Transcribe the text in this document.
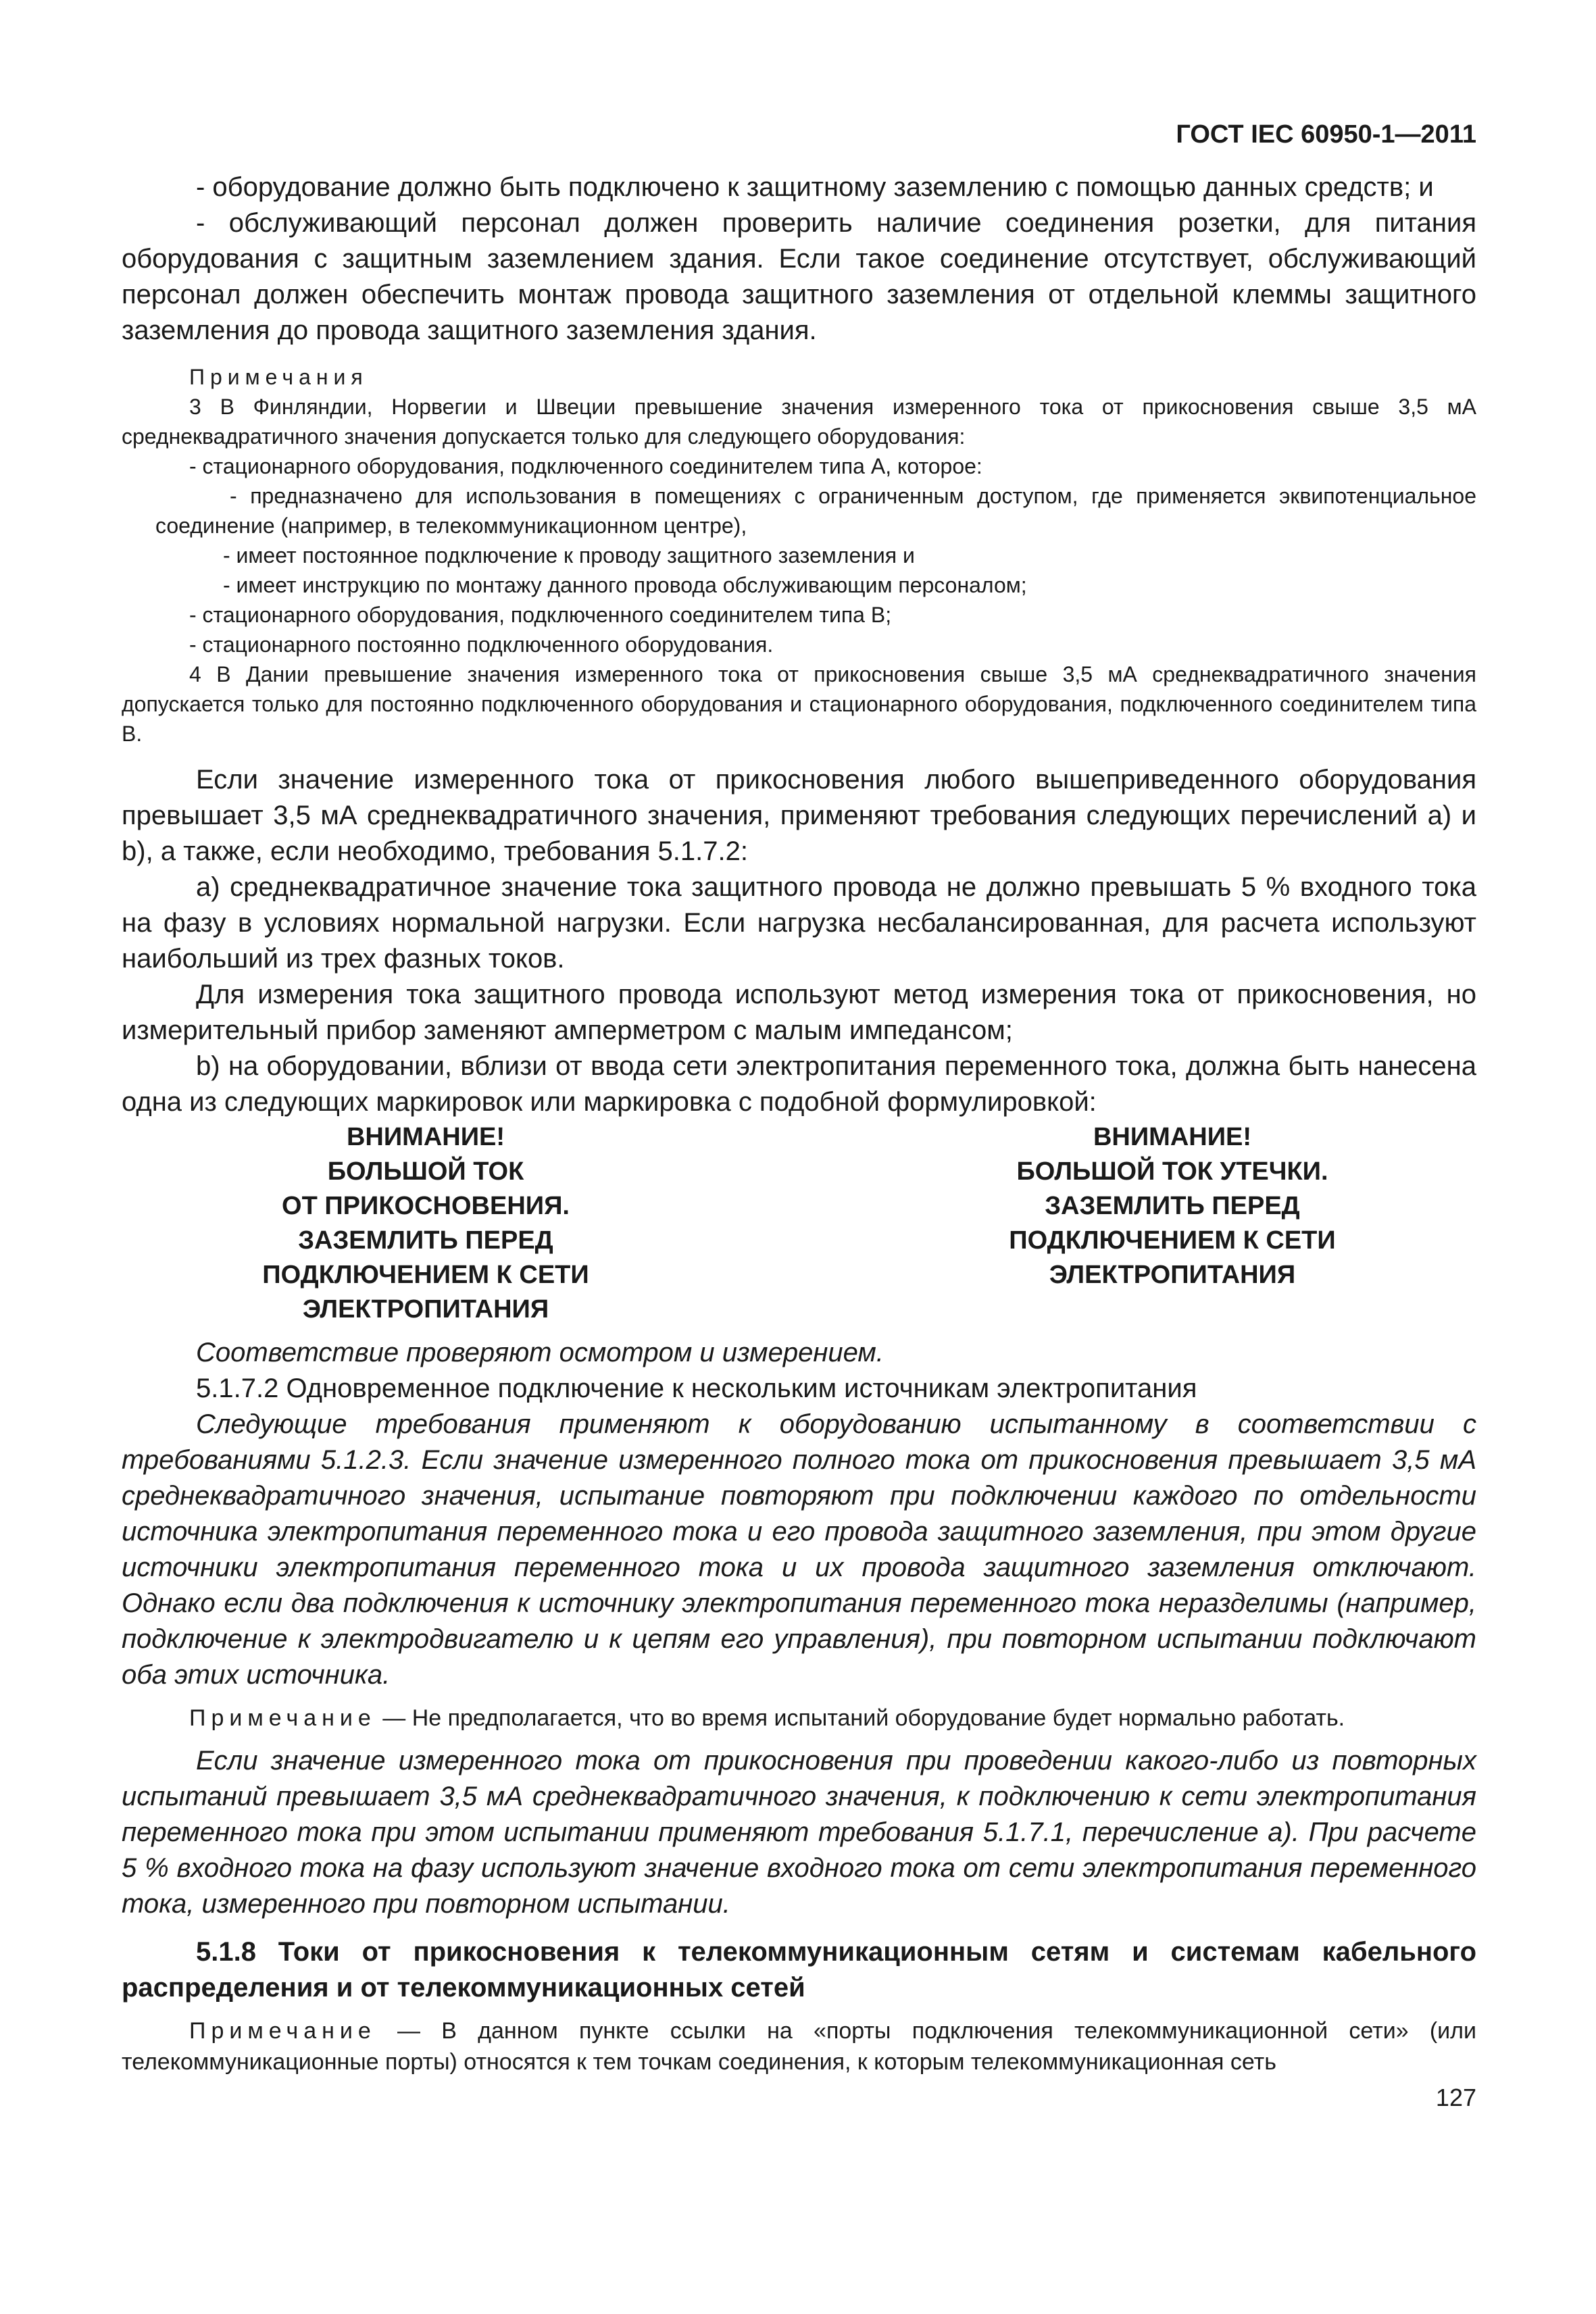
ГОСТ IEC 60950-1—2011

- оборудование должно быть подключено к защитному заземлению с помощью данных средств; и

- обслуживающий персонал должен проверить наличие соединения розетки, для питания оборудования с защитным заземлением здания. Если такое соединение отсутствует, обслуживающий персонал должен обеспечить монтаж провода защитного заземления от отдельной клеммы защитного заземления до провода защитного заземления здания.

Примечания

3 В Финляндии, Норвегии и Швеции превышение значения измеренного тока от прикосновения свыше 3,5 мА среднеквадратичного значения допускается только для следующего оборудования:

- стационарного оборудования, подключенного соединителем типа А, которое:

- предназначено для использования в помещениях с ограниченным доступом, где применяется эквипотенциальное соединение (например, в телекоммуникационном центре),

- имеет постоянное подключение к проводу защитного заземления и

- имеет инструкцию по монтажу данного провода обслуживающим персоналом;

- стационарного оборудования, подключенного соединителем типа В;

- стационарного постоянно подключенного оборудования.

4 В Дании превышение значения измеренного тока от прикосновения свыше 3,5 мА среднеквадратичного значения допускается только для постоянно подключенного оборудования и стационарного оборудования, подключенного соединителем типа В.

Если значение измеренного тока от прикосновения любого вышеприведенного оборудования превышает 3,5 мА среднеквадратичного значения, применяют требования следующих перечислений a) и b), а также, если необходимо, требования 5.1.7.2:

a) среднеквадратичное значение тока защитного провода не должно превышать 5 % входного тока на фазу в условиях нормальной нагрузки. Если нагрузка несбалансированная, для расчета используют наибольший из трех фазных токов.

Для измерения тока защитного провода используют метод измерения тока от прикосновения, но измерительный прибор заменяют амперметром с малым импедансом;

b) на оборудовании, вблизи от ввода сети электропитания переменного тока, должна быть нанесена одна из следующих маркировок или маркировка с подобной формулировкой:

ВНИМАНИЕ!
БОЛЬШОЙ ТОК
ОТ ПРИКОСНОВЕНИЯ.
ЗАЗЕМЛИТЬ ПЕРЕД
ПОДКЛЮЧЕНИЕМ К СЕТИ
ЭЛЕКТРОПИТАНИЯ
ВНИМАНИЕ!
БОЛЬШОЙ ТОК УТЕЧКИ.
ЗАЗЕМЛИТЬ ПЕРЕД
ПОДКЛЮЧЕНИЕМ К СЕТИ
ЭЛЕКТРОПИТАНИЯ

Соответствие проверяют осмотром и измерением.

5.1.7.2 Одновременное подключение к нескольким источникам электропитания

Следующие требования применяют к оборудованию испытанному в соответствии с требованиями 5.1.2.3. Если значение измеренного полного тока от прикосновения превышает 3,5 мА среднеквадратичного значения, испытание повторяют при подключении каждого по отдельности источника электропитания переменного тока и его провода защитного заземления, при этом другие источники электропитания переменного тока и их провода защитного заземления отключают. Однако если два подключения к источнику электропитания переменного тока неразделимы (например, подключение к электродвигателю и к цепям его управления), при повторном испытании подключают оба этих источника.

Примечание — Не предполагается, что во время испытаний оборудование будет нормально работать.

Если значение измеренного тока от прикосновения при проведении какого-либо из повторных испытаний превышает 3,5 мА среднеквадратичного значения, к подключению к сети электропитания переменного тока при этом испытании применяют требования 5.1.7.1, перечисление a). При расчете 5 % входного тока на фазу используют значение входного тока от сети электропитания переменного тока, измеренного при повторном испытании.

5.1.8 Токи от прикосновения к телекоммуникационным сетям и системам кабельного распределения и от телекоммуникационных сетей

Примечание — В данном пункте ссылки на «порты подключения телекоммуникационной сети» (или телекоммуникационные порты) относятся к тем точкам соединения, к которым телекоммуникационная сеть

127
